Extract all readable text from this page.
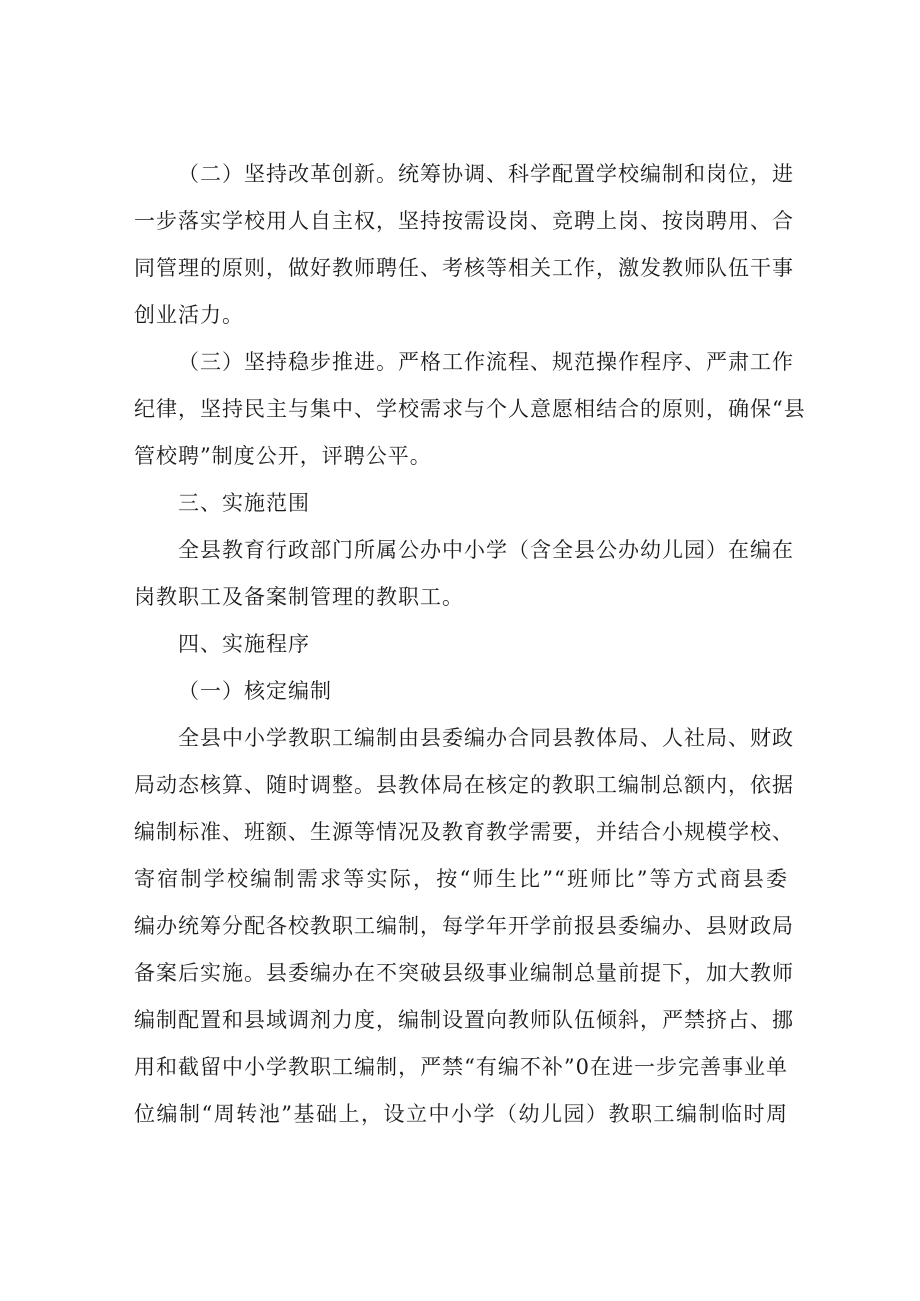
（二）坚持改革创新。统筹协调、科学配置学校编制和岗位，进
一步落实学校用人自主权，坚持按需设岗、竞聘上岗、按岗聘用、合
同管理的原则，做好教师聘任、考核等相关工作，激发教师队伍干事
创业活力。
（三）坚持稳步推进。严格工作流程、规范操作程序、严肃工作
纪律，坚持民主与集中、学校需求与个人意愿相结合的原则，确保“县
管校聘”制度公开，评聘公平。
三、实施范围
全县教育行政部门所属公办中小学（含全县公办幼儿园）在编在
岗教职工及备案制管理的教职工。
四、实施程序
（一）核定编制
全县中小学教职工编制由县委编办合同县教体局、人社局、财政
局动态核算、随时调整。县教体局在核定的教职工编制总额内，依据
编制标准、班额、生源等情况及教育教学需要，并结合小规模学校、
寄宿制学校编制需求等实际，按“师生比”“班师比”等方式商县委
编办统筹分配各校教职工编制，每学年开学前报县委编办、县财政局
备案后实施。县委编办在不突破县级事业编制总量前提下，加大教师
编制配置和县域调剂力度，编制设置向教师队伍倾斜，严禁挤占、挪
用和截留中小学教职工编制，严禁“有编不补”0在进一步完善事业单
位编制“周转池”基础上，设立中小学（幼儿园）教职工编制临时周
